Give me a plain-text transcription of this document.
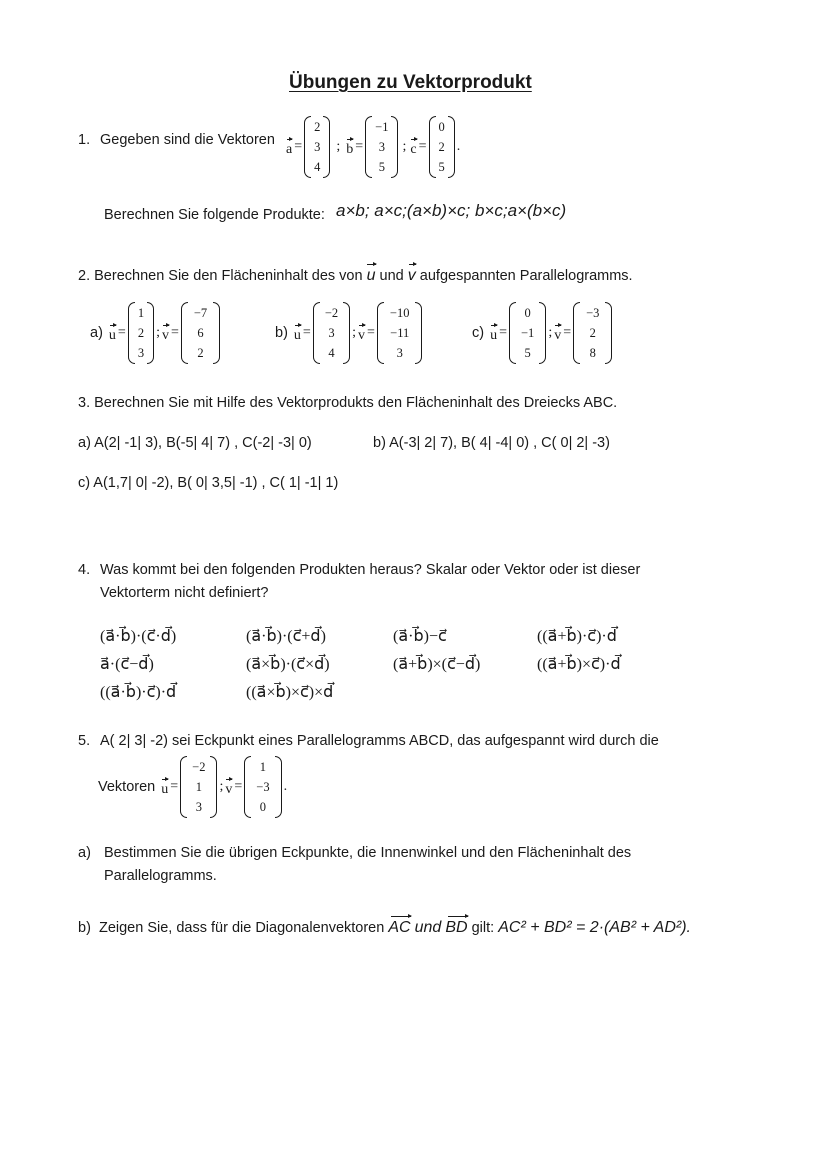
Übungen zu Vektorprodukt
1. Gegeben sind die Vektoren
a =
2
3
4
; b =
−1
3
5
; c =
0
2
5
.
Berechnen Sie folgende Produkte: a×b; a×c;(a×b)×c; b×c;a×(b×c)
2. Berechnen Sie den Flächeninhalt des von u und v aufgespannten Parallelogramms.
a) u =
1
2
3
; v =
−7
6
2
b) u =
−2
3
4
; v =
−10
−11
3
c) u =
0
−1
5
; v =
−3
2
8
3. Berechnen Sie mit Hilfe des Vektorprodukts den Flächeninhalt des Dreiecks ABC.
a) A(2| -1| 3), B(-5| 4| 7) , C(-2| -3| 0)	b) A(-3| 2| 7), B( 4| -4| 0) , C( 0| 2| -3)
c) A(1,7| 0| -2), B( 0| 3,5| -1) , C( 1| -1| 1)
4. Was kommt bei den folgenden Produkten heraus? Skalar oder Vektor oder ist dieser
Vektorterm nicht definiert?
(a⃗·b⃗)·(c⃗·d⃗)	(a⃗·b⃗)·(c⃗+d⃗)	(a⃗·b⃗)−c⃗	((a⃗+b⃗)·c⃗)·d⃗
a⃗·(c⃗−d⃗)	(a⃗×b⃗)·(c⃗×d⃗)	(a⃗+b⃗)×(c⃗−d⃗)	((a⃗+b⃗)×c⃗)·d⃗
((a⃗·b⃗)·c⃗)·d⃗	((a⃗×b⃗)×c⃗)×d⃗
5. A( 2| 3| -2) sei Eckpunkt eines Parallelogramms ABCD, das aufgespannt wird durch die
Vektoren u =
−2
1
3
; v =
1
−3
0
.
a) Bestimmen Sie die übrigen Eckpunkte, die Innenwinkel und den Flächeninhalt des
Parallelogramms.
b) Zeigen Sie, dass für die Diagonalenvektoren AC und BD gilt: AC² + BD² = 2·(AB² + AD²).
